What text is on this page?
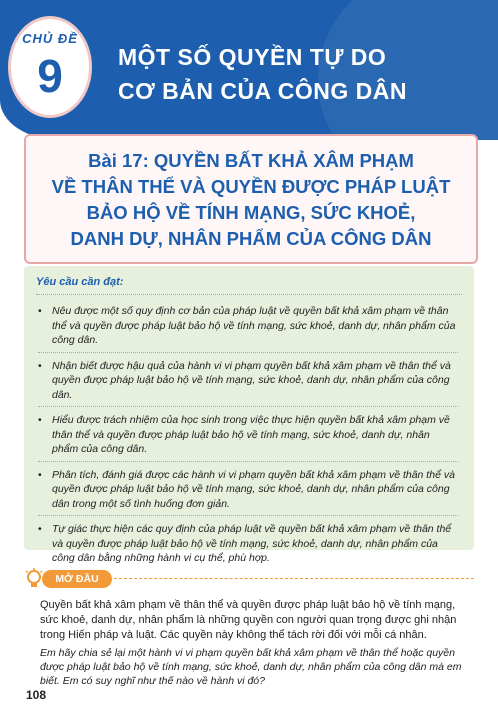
CHỦ ĐỀ
9	MỘT SỐ QUYỀN TỰ DO
CƠ BẢN CỦA CÔNG DÂN
Bài 17: QUYỀN BẤT KHẢ XÂM PHẠM
VỀ THÂN THỂ VÀ QUYỀN ĐƯỢC PHÁP LUẬT
BẢO HỘ VỀ TÍNH MẠNG, SỨC KHOẺ,
DANH DỰ, NHÂN PHẨM CỦA CÔNG DÂN
Yêu cầu cần đạt:
• Nêu được một số quy định cơ bản của pháp luật về quyền bất khả xâm phạm về thân thể và quyền được pháp luật bảo hộ về tính mạng, sức khoẻ, danh dự, nhân phẩm của công dân.
• Nhận biết được hậu quả của hành vi vi phạm quyền bất khả xâm phạm về thân thể và quyền được pháp luật bảo hộ về tính mạng, sức khoẻ, danh dự, nhân phẩm của công dân.
• Hiểu được trách nhiệm của học sinh trong việc thực hiện quyền bất khả xâm phạm về thân thể và quyền được pháp luật bảo hộ về tính mạng, sức khoẻ, danh dự, nhân phẩm của công dân.
• Phân tích, đánh giá được các hành vi vi phạm quyền bất khả xâm phạm về thân thể và quyền được pháp luật bảo hộ về tính mạng, sức khoẻ, danh dự, nhân phẩm của công dân trong một số tình huống đơn giản.
• Tự giác thực hiện các quy định của pháp luật về quyền bất khả xâm phạm về thân thể và quyền được pháp luật bảo hộ về tính mạng, sức khoẻ, danh dự, nhân phẩm của công dân bằng những hành vi cụ thể, phù hợp.
MỞ ĐẦU

Quyền bất khả xâm phạm về thân thể và quyền được pháp luật bảo hộ về tính mạng, sức khoẻ, danh dự, nhân phẩm là những quyền con người quan trọng được ghi nhận trong Hiến pháp và luật. Các quyền này không thể tách rời đối với mỗi cá nhân.

Em hãy chia sẻ lại một hành vi vi phạm quyền bất khả xâm phạm về thân thể hoặc quyền được pháp luật bảo hộ về tính mạng, sức khoẻ, danh dự, nhân phẩm của công dân mà em biết. Em có suy nghĩ như thế nào về hành vi đó?

108
